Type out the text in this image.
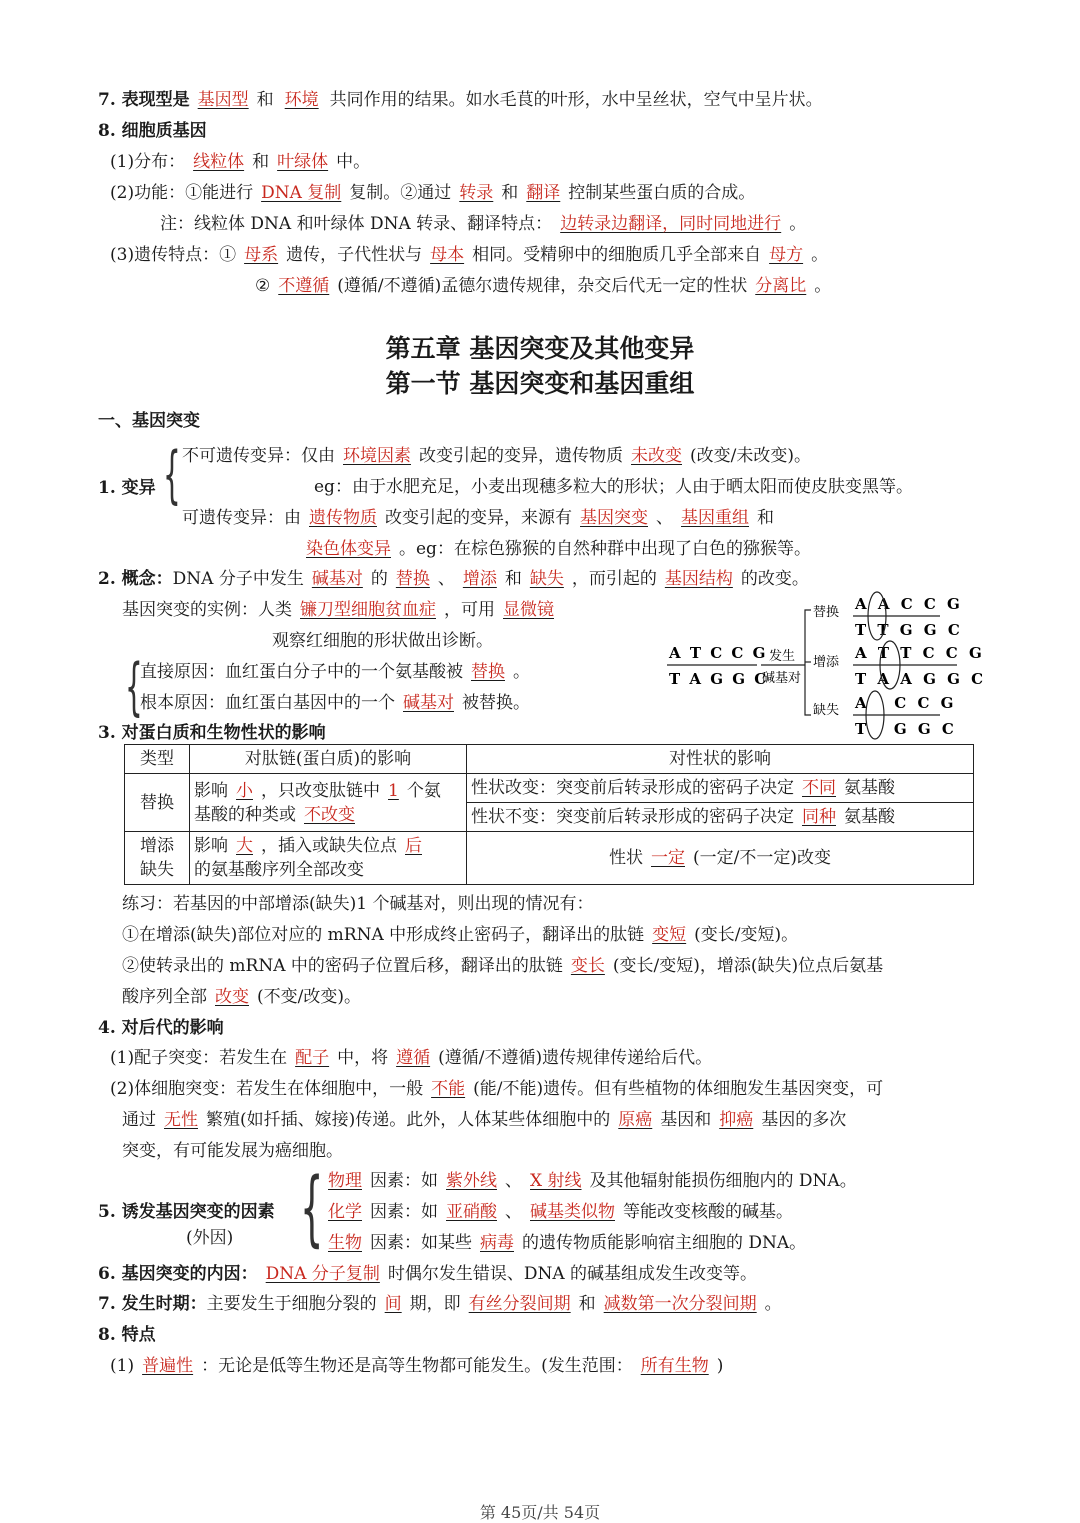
7. 表现型是 基因型 和 环境 共同作用的结果。如水毛茛的叶形，水中呈丝状，空气中呈片状。
8. 细胞质基因
(1)分布： 线粒体 和 叶绿体 中。
(2)功能：①能进行 DNA 复制 复制。②通过 转录 和 翻译 控制某些蛋白质的合成。
注：线粒体 DNA 和叶绿体 DNA 转录、翻译特点： 边转录边翻译，同时同地进行 。
(3)遗传特点：① 母系 遗传，子代性状与 母本 相同。受精卵中的细胞质几乎全部来自 母方 。
② 不遵循 (遵循/不遵循)孟德尔遗传规律，杂交后代无一定的性状 分离比 。
第五章 基因突变及其他变异
第一节 基因突变和基因重组
一、基因突变
1. 变异 { 不可遗传变异：仅由 环境因素 改变引起的变异，遗传物质 未改变 (改变/未改变)。
eg：由于水肥充足，小麦出现穗多粒大的形状；人由于晒太阳而使皮肤变黑等。
可遗传变异：由 遗传物质 改变引起的变异，来源有 基因突变 、 基因重组 和
染色体变异 。eg：在棕色猕猴的自然种群中出现了白色的猕猴等。
2. 概念：DNA 分子中发生 碱基对 的 替换 、 增添 和 缺失 ，而引起的 基因结构 的改变。
基因突变的实例：人类 镰刀型细胞贫血症 ，可用 显微镜
观察红细胞的形状做出诊断。
{
直接原因：血红蛋白分子中的一个氨基酸被 替换 。
根本原因：血红蛋白基因中的一个 碱基对 被替换。
A T C C G
T A G G C
发生
碱基对
替换
增添
缺失
A A C C G
T T G G C
A T T C C G
T A A G G C
A   C C G
T   G G C
3. 对蛋白质和生物性状的影响
类型	对肽链(蛋白质)的影响	对性状的影响
替换	影响 小 ，只改变肽链中 1 个氨
基酸的种类或 不改变	性状改变：突变前后转录形成的密码子决定 不同 氨基酸
		性状不变：突变前后转录形成的密码子决定 同种 氨基酸
增添
缺失	影响 大 ，插入或缺失位点 后
的氨基酸序列全部改变	性状 一定 (一定/不一定)改变
练习：若基因的中部增添(缺失)1 个碱基对，则出现的情况有：
①在增添(缺失)部位对应的 mRNA 中形成终止密码子，翻译出的肽链 变短 (变长/变短)。
②使转录出的 mRNA 中的密码子位置后移，翻译出的肽链 变长 (变长/变短)，增添(缺失)位点后氨基
酸序列全部 改变 (不变/改变)。
4. 对后代的影响
(1)配子突变：若发生在 配子 中，将 遵循 (遵循/不遵循)遗传规律传递给后代。
(2)体细胞突变：若发生在体细胞中，一般 不能 (能/不能)遗传。但有些植物的体细胞发生基因突变，可
通过 无性 繁殖(如扦插、嫁接)传递。此外，人体某些体细胞中的 原癌 基因和 抑癌 基因的多次
突变，有可能发展为癌细胞。
5. 诱发基因突变的因素
(外因) { 物理 因素：如 紫外线 、 X 射线 及其他辐射能损伤细胞内的 DNA。
化学 因素：如 亚硝酸 、 碱基类似物 等能改变核酸的碱基。
生物 因素：如某些 病毒 的遗传物质能影响宿主细胞的 DNA。
6. 基因突变的内因： DNA 分子复制 时偶尔发生错误、DNA 的碱基组成发生改变等。
7. 发生时期：主要发生于细胞分裂的 间 期，即 有丝分裂间期 和 减数第一次分裂间期 。
8. 特点
(1) 普遍性 ：无论是低等生物还是高等生物都可能发生。(发生范围： 所有生物 )
第 45页/共 54页
